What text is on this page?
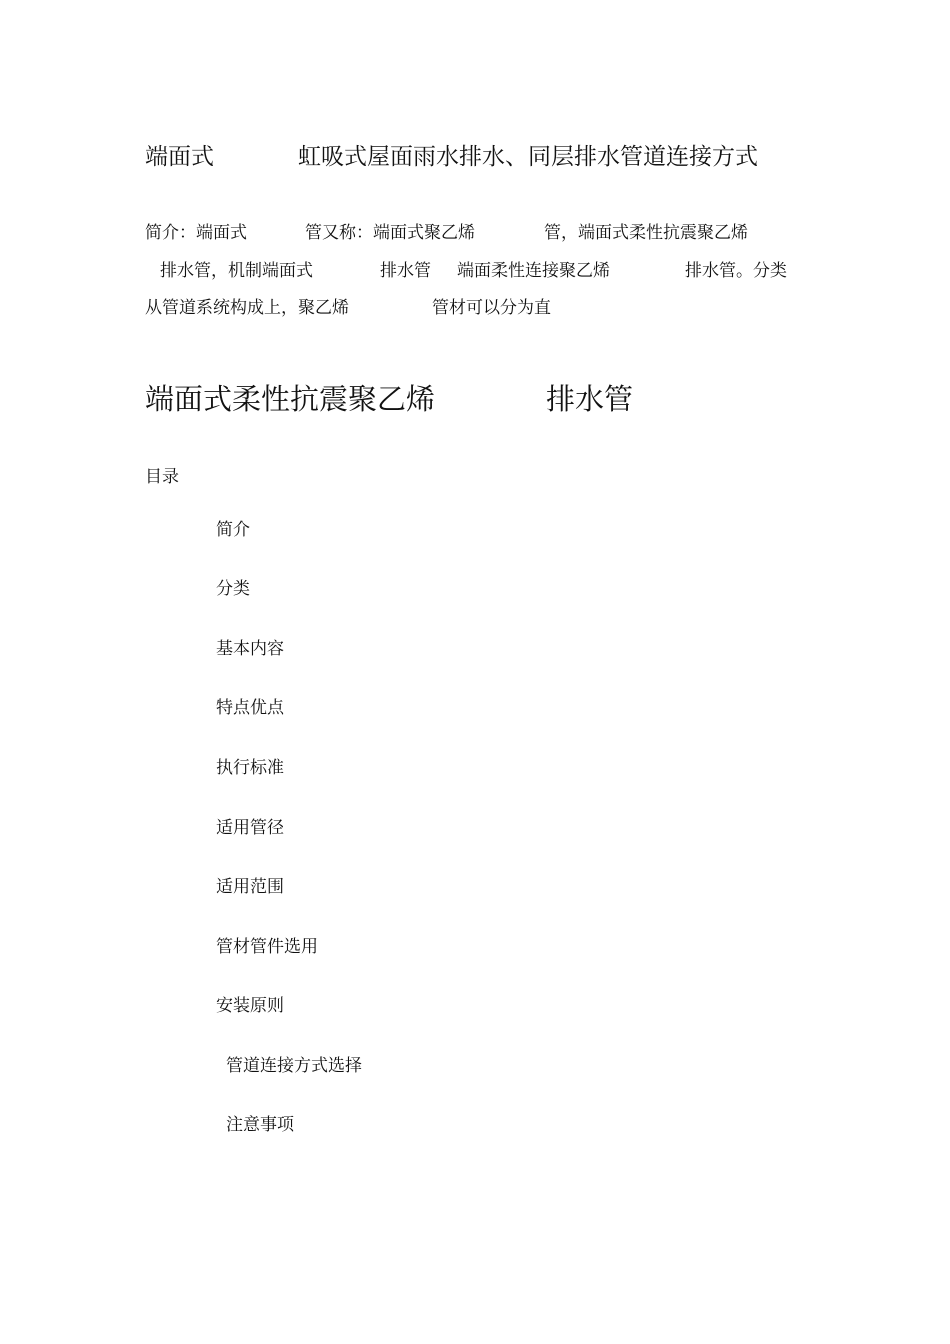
端面式	虹吸式屋面雨水排水、同层排水管道连接方式
简介：端面式	管又称：端面式聚乙烯	管，端面式柔性抗震聚乙烯
排水管，机制端面式	排水管 端面柔性连接聚乙烯	排水管。分类
从管道系统构成上，聚乙烯	管材可以分为直
端面式柔性抗震聚乙烯	排水管
目录
简介
分类
基本内容
特点优点
执行标准
适用管径
适用范围
管材管件选用
安装原则
管道连接方式选择
注意事项
